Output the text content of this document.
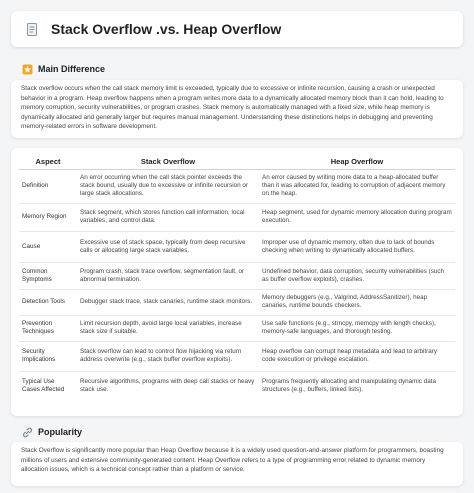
Stack Overflow .vs. Heap Overflow
Main Difference

Stack overflow occurs when the call stack memory limit is exceeded, typically due to excessive or infinite recursion, causing a crash or unexpected behavior in a program. Heap overflow happens when a program writes more data to a dynamically allocated memory block than it can hold, leading to memory corruption, security vulnerabilities, or program crashes. Stack memory is automatically managed with a fixed size, while heap memory is dynamically allocated and generally larger but requires manual management. Understanding these distinctions helps in debugging and preventing memory-related errors in software development.

Aspect	Stack Overflow	Heap Overflow
Definition	An error occurring when the call stack pointer exceeds the stack bound, usually due to excessive or infinite recursion or large stack allocations.	An error caused by writing more data to a heap-allocated buffer than it was allocated for, leading to corruption of adjacent memory on the heap.
Memory Region	Stack segment, which stores function call information, local variables, and control data.	Heap segment, used for dynamic memory allocation during program execution.
Cause	Excessive use of stack space, typically from deep recursive calls or allocating large stack variables.	Improper use of dynamic memory, often due to lack of bounds checking when writing to dynamically allocated buffers.
Common Symptoms	Program crash, stack trace overflow, segmentation fault, or abnormal termination.	Undefined behavior, data corruption, security vulnerabilities (such as buffer overflow exploits), crashes.
Detection Tools	Debugger stack trace, stack canaries, runtime stack monitors.	Memory debuggers (e.g., Valgrind, AddressSanitizer), heap canaries, runtime bounds checkers.
Prevention Techniques	Limit recursion depth, avoid large local variables, increase stack size if suitable.	Use safe functions (e.g., strncpy, memcpy with length checks), memory-safe languages, and thorough testing.
Security Implications	Stack overflow can lead to control flow hijacking via return address overwrite (e.g., stack buffer overflow exploits).	Heap overflow can corrupt heap metadata and lead to arbitrary code execution or privilege escalation.
Typical Use Cases Affected	Recursive algorithms, programs with deep call stacks or heavy stack use.	Programs frequently allocating and manipulating dynamic data structures (e.g., buffers, linked lists).
Popularity

Stack Overflow is significantly more popular than Heap Overflow because it is a widely used question-and-answer platform for programmers, boasting millions of users and extensive community-generated content. Heap Overflow refers to a type of programming error related to dynamic memory allocation issues, which is a technical concept rather than a platform or service.
